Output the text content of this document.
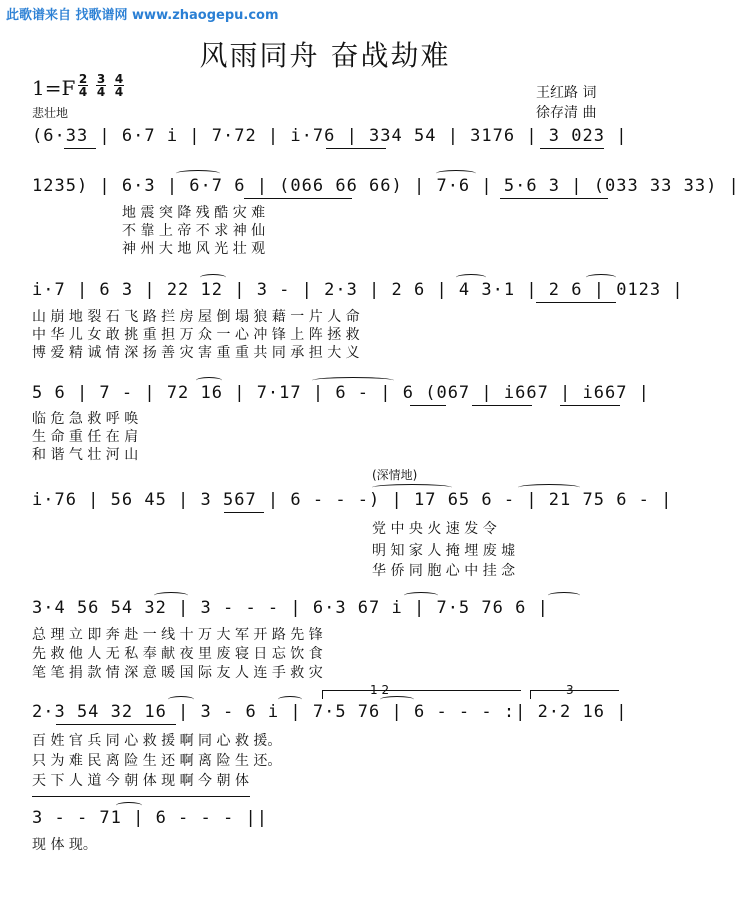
此歌谱来自 找歌谱网 www.zhaogepu.com
风雨同舟 奋战劫难
1=F 2
4
3
4
4
4
悲壮地
王红路 词
徐存清 曲
(6·33 | 6·7 i | 7·72 | i·76 | 334 54 | 3176 | 3 023 |
1235) | 6·3 | 6·7 6 | (066 66 66) | 7·6 | 5·6 3 | (033 33 33) |
地 震 突 降 残 酷 灾 难
不 靠 上 帝 不 求 神 仙
神 州 大 地 风 光 壮 观
i·7 | 6 3 | 22 12 | 3 - | 2·3 | 2 6 | 4 3·1 | 2 6 | 0123 |
山 崩 地 裂 石 飞 路 拦 房 屋 倒 塌 狼 藉 一 片 人 命
中 华 儿 女 敢 挑 重 担 万 众 一 心 冲 锋 上 阵 拯 救
博 爱 精 诚 情 深 扬 善 灾 害 重 重 共 同 承 担 大 义
5 6 | 7 - | 72 16 | 7·17 | 6 - | 6 (067 | i667 | i667 |
临 危 急 救 呼 唤
生 命 重 任 在 肩
和 谐 气 壮 河 山
(深情地)
i·76 | 56 45 | 3 567 | 6 - - -) | 17 65 6 - | 21 75 6 - |
党 中 央 火 速 发 令
明 知 家 人 掩 埋 废 墟
华 侨 同 胞 心 中 挂 念
3·4 56 54 32 | 3 - - - | 6·3 67 i | 7·5 76 6 |
总 理 立 即 奔 赴 一 线 十 万 大 军 开 路 先 锋
先 救 他 人 无 私 奉 献 夜 里 废 寝 日 忘 饮 食
笔 笔 捐 款 情 深 意 暖 国 际 友 人 连 手 救 灾
1 2	3
2·3 54 32 16 | 3 - 6 i | 7·5 76 | 6 - - - :| 2·2 16 |
百 姓 官 兵 同 心 救 援 啊 同 心 救 援。
只 为 难 民 离 险 生 还 啊 离 险 生 还。
天 下 人 道 今 朝 体 现 啊 今 朝 体
3 - - 71 | 6 - - - ||
现 体 现。
